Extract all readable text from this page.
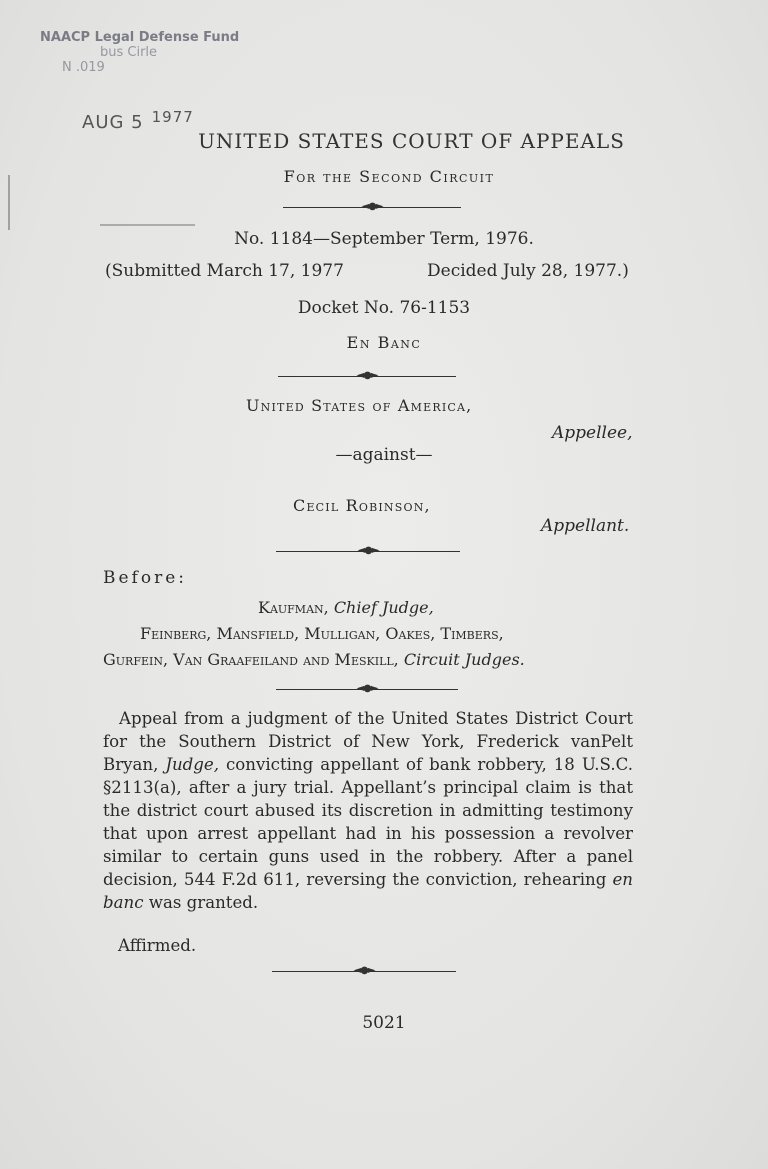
NAACP Legal Defense Fund
bus Cirle
N .019
AUG 5 $^{1977}$
UNITED STATES COURT OF APPEALS
For the Second Circuit
◄●►
No. 1184—September Term, 1976.
(Submitted March 17, 1977	Decided July 28, 1977.)
Docket No. 76-1153
En Banc
◄●►
United States of America,
Appellee,
—against—
Cecil Robinson,
Appellant.
◄●►
Before:
Kaufman, Chief Judge,
Feinberg, Mansfield, Mulligan, Oakes, Timbers,
Gurfein, Van Graafeiland and Meskill, Circuit Judges.
◄●►

Appeal from a judgment of the United States District Court for the Southern District of New York, Frederick vanPelt Bryan, Judge, convicting appellant of bank robbery, 18 U.S.C. §2113(a), after a jury trial. Appellant’s principal claim is that the district court abused its discretion in admitting testimony that upon arrest appellant had in his possession a revolver similar to certain guns used in the robbery. After a panel decision, 544 F.2d 611, reversing the conviction, rehearing en banc was granted.

Affirmed.
◄●►
5021
